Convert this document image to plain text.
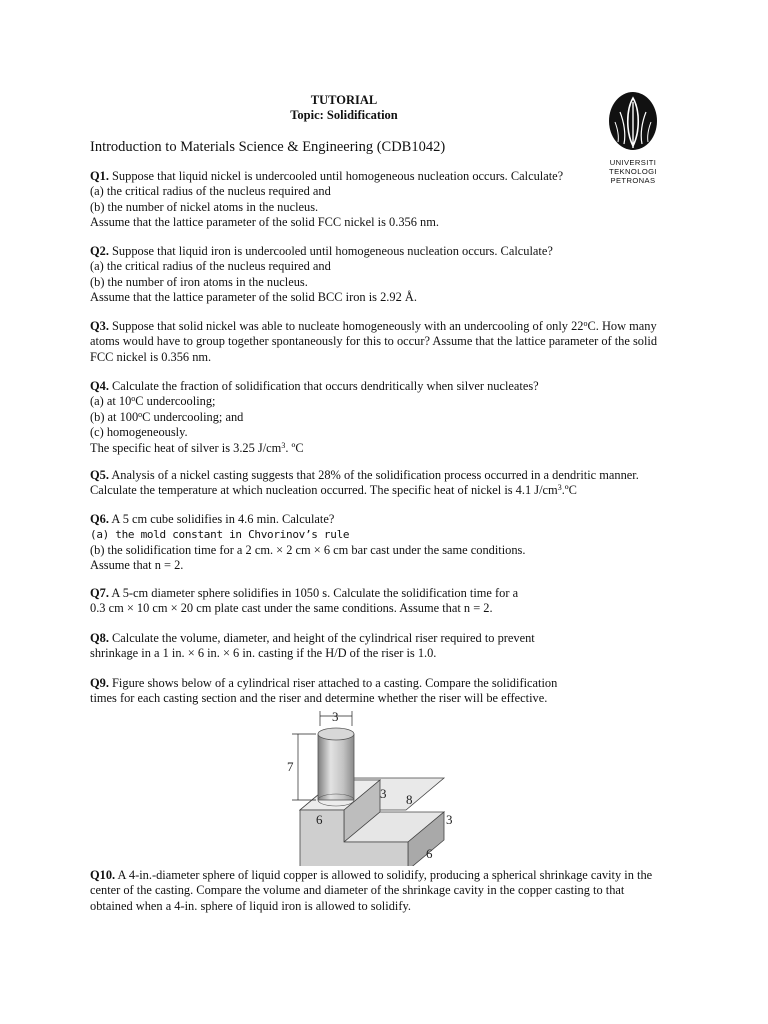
TUTORIAL
Topic: Solidification
UNIVERSITI
TEKNOLOGI
PETRONAS
Introduction to Materials Science & Engineering (CDB1042)

Q1. Suppose that liquid nickel is undercooled until homogeneous nucleation occurs. Calculate?

(a) the critical radius of the nucleus required and

(b) the number of nickel atoms in the nucleus.

Assume that the lattice parameter of the solid FCC nickel is 0.356 nm.

Q2. Suppose that liquid iron is undercooled until homogeneous nucleation occurs. Calculate?

(a) the critical radius of the nucleus required and

(b) the number of iron atoms in the nucleus.

Assume that the lattice parameter of the solid BCC iron is 2.92 Å.

Q3. Suppose that solid nickel was able to nucleate homogeneously with an undercooling of only 22$^o$C. How many

atoms would have to group together spontaneously for this to occur? Assume that the lattice parameter of the solid

FCC nickel is 0.356 nm.

Q4. Calculate the fraction of solidification that occurs dendritically when silver nucleates?

(a) at 10$^o$C undercooling;

(b) at 100$^o$C undercooling; and

(c) homogeneously.

The specific heat of silver is 3.25 $J/cm^3$. ºC

Q5. Analysis of a nickel casting suggests that 28% of the solidification process occurred in a dendritic manner.

Calculate the temperature at which nucleation occurred. The specific heat of nickel is 4.1 $J/cm^3.ºC$

Q6. A 5 cm cube solidifies in 4.6 min. Calculate?

(a) the mold constant in Chvorinov’s rule

(b) the solidification time for a 2 cm. × 2 cm × 6 cm bar cast under the same conditions.

Assume that n = 2.

Q7. A 5-cm diameter sphere solidifies in 1050 s. Calculate the solidification time for a

0.3 cm × 10 cm × 20 cm plate cast under the same conditions. Assume that n = 2.

Q8. Calculate the volume, diameter, and height of the cylindrical riser required to prevent

shrinkage in a 1 in. × 6 in. × 6 in. casting if the H/D of the riser is 1.0.

Q9. Figure shows below of a cylindrical riser attached to a casting. Compare the solidification

times for each casting section and the riser and determine whether the riser will be effective.

3
7
3 8
6	3
6

Q10. A 4-in.-diameter sphere of liquid copper is allowed to solidify, producing a spherical shrinkage cavity in the

center of the casting. Compare the volume and diameter of the shrinkage cavity in the copper casting to that

obtained when a 4-in. sphere of liquid iron is allowed to solidify.
